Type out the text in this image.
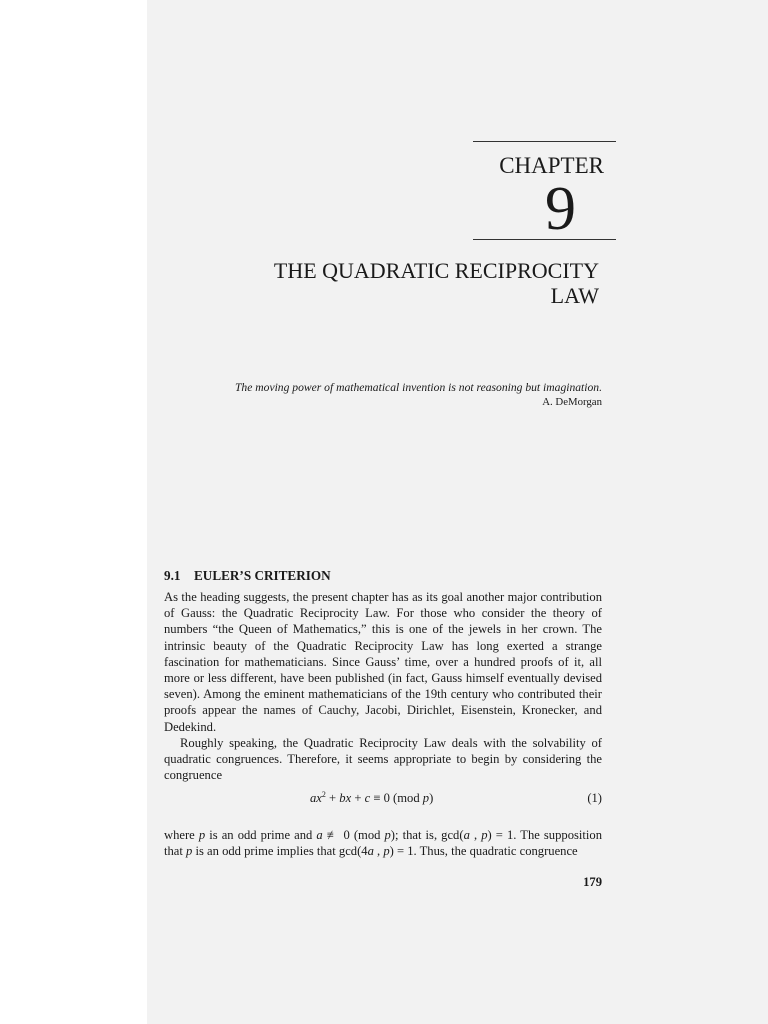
CHAPTER
9
THE QUADRATIC RECIPROCITY
LAW
The moving power of mathematical invention is not reasoning but imagination.
A. DeMorgan
9.1 EULER’S CRITERION
As the heading suggests, the present chapter has as its goal another major contribution of Gauss: the Quadratic Reciprocity Law. For those who consider the theory of numbers “the Queen of Mathematics,” this is one of the jewels in her crown. The intrinsic beauty of the Quadratic Reciprocity Law has long exerted a strange fascination for mathematicians. Since Gauss’ time, over a hundred proofs of it, all more or less different, have been published (in fact, Gauss himself eventually devised seven). Among the eminent mathematicians of the 19th century who contributed their proofs appear the names of Cauchy, Jacobi, Dirichlet, Eisenstein, Kronecker, and Dedekind.
Roughly speaking, the Quadratic Reciprocity Law deals with the solvability of quadratic congruences. Therefore, it seems appropriate to begin by considering the congruence
$ax^2$ + bx + c ≡ 0 (mod p)	(1)
where p is an odd prime and a ≢ 0 (mod p); that is, gcd(a , p) = 1. The supposition that p is an odd prime implies that gcd(4a , p) = 1. Thus, the quadratic congruence
179
